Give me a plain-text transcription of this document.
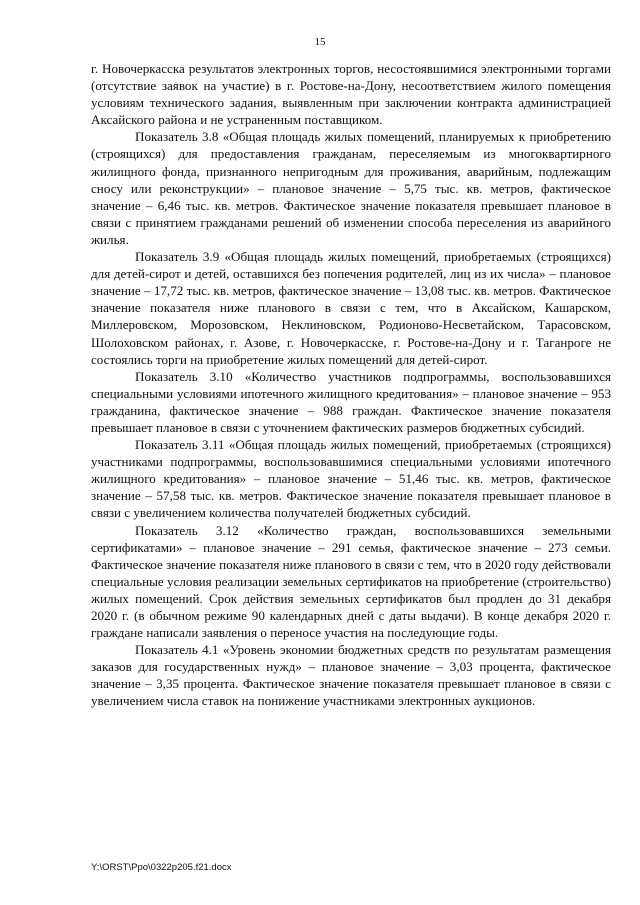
15

г. Новочеркасска результатов электронных торгов, несостоявшимися электронными торгами (отсутствие заявок на участие) в г. Ростове-на-Дону, несоответствием жилого помещения условиям технического задания, выявленным при заключении контракта администрацией Аксайского района и не устраненным поставщиком.

Показатель 3.8 «Общая площадь жилых помещений, планируемых к приобретению (строящихся) для предоставления гражданам, переселяемым из многоквартирного жилищного фонда, признанного непригодным для проживания, аварийным, подлежащим сносу или реконструкции» – плановое значение – 5,75 тыс. кв. метров, фактическое значение – 6,46 тыс. кв. метров. Фактическое значение показателя превышает плановое в связи с принятием гражданами решений об изменении способа переселения из аварийного жилья.

Показатель 3.9 «Общая площадь жилых помещений, приобретаемых (строящихся) для детей-сирот и детей, оставшихся без попечения родителей, лиц из их числа» – плановое значение – 17,72 тыс. кв. метров, фактическое значение – 13,08 тыс. кв. метров. Фактическое значение показателя ниже планового в связи с тем, что в Аксайском, Кашарском, Миллеровском, Морозовском, Неклиновском, Родионово-Несветайском, Тарасовском, Шолоховском районах, г. Азове, г. Новочеркасске, г. Ростове-на-Дону и г. Таганроге не состоялись торги на приобретение жилых помещений для детей-сирот.

Показатель 3.10 «Количество участников подпрограммы, воспользовавшихся специальными условиями ипотечного жилищного кредитования» – плановое значение – 953 гражданина, фактическое значение – 988 граждан. Фактическое значение показателя превышает плановое в связи с уточнением фактических размеров бюджетных субсидий.

Показатель 3.11 «Общая площадь жилых помещений, приобретаемых (строящихся) участниками подпрограммы, воспользовавшимися специальными условиями ипотечного жилищного кредитования» – плановое значение – 51,46 тыс. кв. метров, фактическое значение – 57,58 тыс. кв. метров. Фактическое значение показателя превышает плановое в связи с увеличением количества получателей бюджетных субсидий.

Показатель 3.12 «Количество граждан, воспользовавшихся земельными сертификатами» – плановое значение – 291 семья, фактическое значение – 273 семьи. Фактическое значение показателя ниже планового в связи с тем, что в 2020 году действовали специальные условия реализации земельных сертификатов на приобретение (строительство) жилых помещений. Срок действия земельных сертификатов был продлен до 31 декабря 2020 г. (в обычном режиме 90 календарных дней с даты выдачи). В конце декабря 2020 г. граждане написали заявления о переносе участия на последующие годы.

Показатель 4.1 «Уровень экономии бюджетных средств по результатам размещения заказов для государственных нужд» – плановое значение – 3,03 процента, фактическое значение – 3,35 процента. Фактическое значение показателя превышает плановое в связи с увеличением числа ставок на понижение участниками электронных аукционов.

Y:\ORST\Ppo\0322p205.f21.docx
